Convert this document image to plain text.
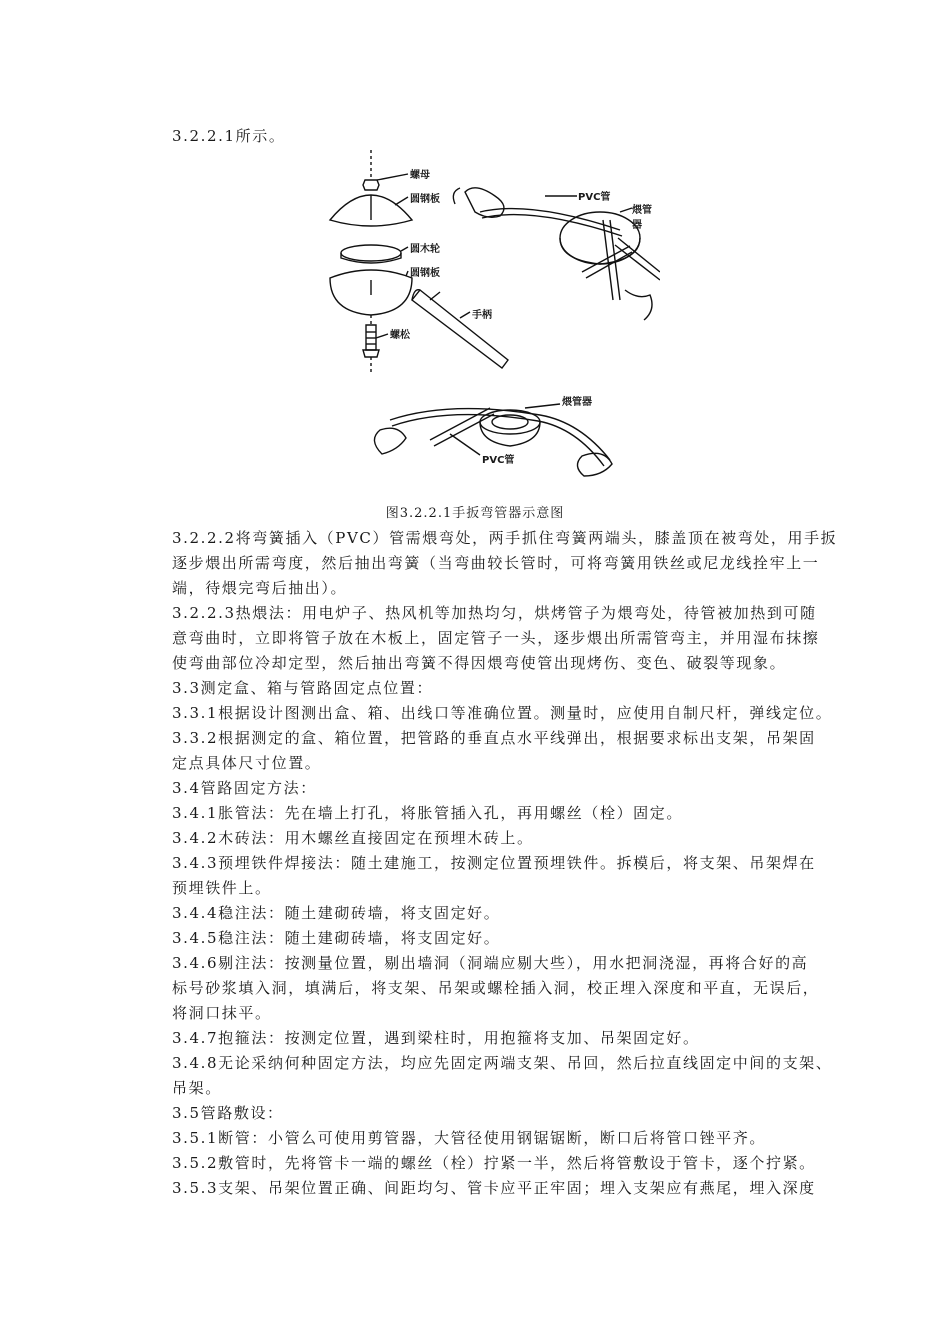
3.2.2.1所示。
螺母
圆钢板
圆木轮
圆钢板
螺松
手柄
PVC管
煨管器
煨管器
PVC管
图3.2.2.1手扳弯管器示意图
3.2.2.2将弯簧插入（PVC）管需煨弯处，两手抓住弯簧两端头，膝盖顶在被弯处，用手扳
逐步煨出所需弯度，然后抽出弯簧（当弯曲较长管时，可将弯簧用铁丝或尼龙线拴牢上一
端，待煨完弯后抽出）。
3.2.2.3热煨法：用电炉子、热风机等加热均匀，烘烤管子为煨弯处，待管被加热到可随
意弯曲时，立即将管子放在木板上，固定管子一头，逐步煨出所需管弯主，并用湿布抹擦
使弯曲部位冷却定型，然后抽出弯簧不得因煨弯使管出现烤伤、变色、破裂等现象。
3.3测定盒、箱与管路固定点位置：
3.3.1根据设计图测出盒、箱、出线口等准确位置。测量时，应使用自制尺杆，弹线定位。
3.3.2根据测定的盒、箱位置，把管路的垂直点水平线弹出，根据要求标出支架，吊架固
定点具体尺寸位置。
3.4管路固定方法：
3.4.1胀管法：先在墙上打孔，将胀管插入孔，再用螺丝（栓）固定。
3.4.2木砖法：用木螺丝直接固定在预埋木砖上。
3.4.3预埋铁件焊接法：随土建施工，按测定位置预埋铁件。拆模后，将支架、吊架焊在
预埋铁件上。
3.4.4稳注法：随土建砌砖墙，将支固定好。
3.4.5稳注法：随土建砌砖墙，将支固定好。
3.4.6剔注法：按测量位置，剔出墙洞（洞端应剔大些），用水把洞浇湿，再将合好的高
标号砂浆填入洞，填满后，将支架、吊架或螺栓插入洞，校正埋入深度和平直，无误后，
将洞口抹平。
3.4.7抱箍法：按测定位置，遇到梁柱时，用抱箍将支加、吊架固定好。
3.4.8无论采纳何种固定方法，均应先固定两端支架、吊回，然后拉直线固定中间的支架、
吊架。
3.5管路敷设：
3.5.1断管：小管么可使用剪管器，大管径使用钢锯锯断，断口后将管口锉平齐。
3.5.2敷管时，先将管卡一端的螺丝（栓）拧紧一半，然后将管敷设于管卡，逐个拧紧。
3.5.3支架、吊架位置正确、间距均匀、管卡应平正牢固；埋入支架应有燕尾，埋入深度
